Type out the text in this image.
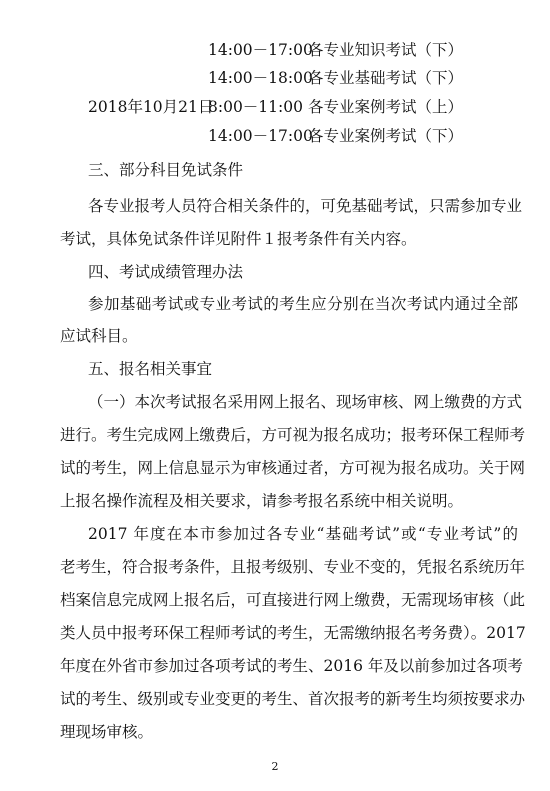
14:00－17:00
各专业知识考试（下）
14:00－18:00
各专业基础考试（下）
2018年10月21日
8:00－11:00 各专业案例考试（上）
14:00－17:00
各专业案例考试（下）
三、部分科目免试条件
各专业报考人员符合相关条件的，可免基础考试，只需参加专业
考试，具体免试条件详见附件１报考条件有关内容。
四、考试成绩管理办法
参加基础考试或专业考试的考生应分别在当次考试内通过全部
应试科目。
五、报名相关事宜
（一）本次考试报名采用网上报名、现场审核、网上缴费的方式
进行。考生完成网上缴费后，方可视为报名成功；报考环保工程师考
试的考生，网上信息显示为审核通过者，方可视为报名成功。关于网
上报名操作流程及相关要求，请参考报名系统中相关说明。
2017 年度在本市参加过各专业“基础考试”或“专业考试”的
老考生，符合报考条件，且报考级别、专业不变的，凭报名系统历年
档案信息完成网上报名后，可直接进行网上缴费，无需现场审核（此
类人员中报考环保工程师考试的考生，无需缴纳报名考务费）。2017
年度在外省市参加过各项考试的考生、2016 年及以前参加过各项考
试的考生、级别或专业变更的考生、首次报考的新考生均须按要求办
理现场审核。
2
